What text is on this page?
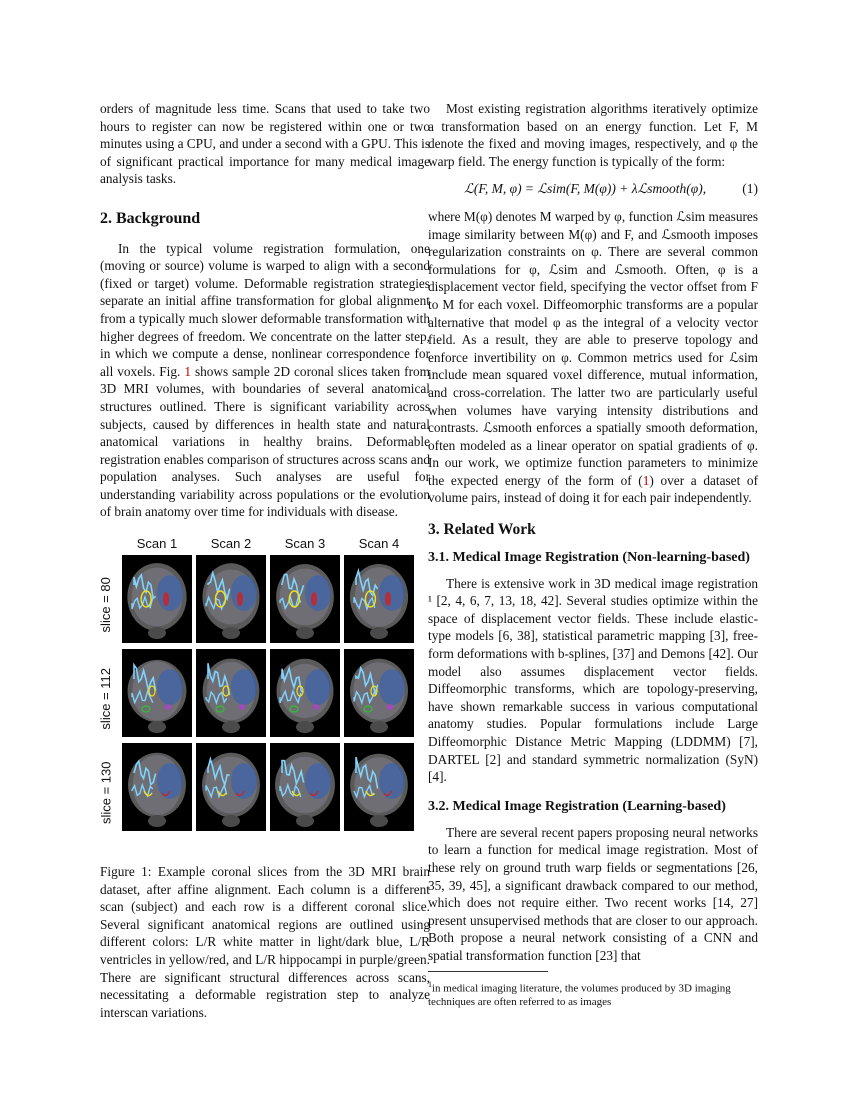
orders of magnitude less time. Scans that used to take two hours to register can now be registered within one or two minutes using a CPU, and under a second with a GPU. This is of significant practical importance for many medical image analysis tasks.

2. Background

In the typical volume registration formulation, one (moving or source) volume is warped to align with a second (fixed or target) volume. Deformable registration strategies separate an initial affine transformation for global alignment from a typically much slower deformable transformation with higher degrees of freedom. We concentrate on the latter step, in which we compute a dense, nonlinear correspondence for all voxels. Fig. 1 shows sample 2D coronal slices taken from 3D MRI volumes, with boundaries of several anatomical structures outlined. There is significant variability across subjects, caused by differences in health state and natural anatomical variations in healthy brains. Deformable registration enables comparison of structures across scans and population analyses. Such analyses are useful for understanding variability across populations or the evolution of brain anatomy over time for individuals with disease.

Scan 1	Scan 2	Scan 3	Scan 4
slice = 80
slice = 112
slice = 130

Figure 1: Example coronal slices from the 3D MRI brain dataset, after affine alignment. Each column is a different scan (subject) and each row is a different coronal slice. Several significant anatomical regions are outlined using different colors: L/R white matter in light/dark blue, L/R ventricles in yellow/red, and L/R hippocampi in purple/green. There are significant structural differences across scans, necessitating a deformable registration step to analyze interscan variations.

Most existing registration algorithms iteratively optimize a transformation based on an energy function. Let F, M denote the fixed and moving images, respectively, and φ the warp field. The energy function is typically of the form:

ℒ(F, M, φ) = ℒsim(F, M(φ)) + λℒsmooth(φ),	(1)

where M(φ) denotes M warped by φ, function ℒsim measures image similarity between M(φ) and F, and ℒsmooth imposes regularization constraints on φ. There are several common formulations for φ, ℒsim and ℒsmooth. Often, φ is a displacement vector field, specifying the vector offset from F to M for each voxel. Diffeomorphic transforms are a popular alternative that model φ as the integral of a velocity vector field. As a result, they are able to preserve topology and enforce invertibility on φ. Common metrics used for ℒsim include mean squared voxel difference, mutual information, and cross-correlation. The latter two are particularly useful when volumes have varying intensity distributions and contrasts. ℒsmooth enforces a spatially smooth deformation, often modeled as a linear operator on spatial gradients of φ. In our work, we optimize function parameters to minimize the expected energy of the form of (1) over a dataset of volume pairs, instead of doing it for each pair independently.

3. Related Work
3.1. Medical Image Registration (Non-learning-based)

There is extensive work in 3D medical image registration ¹ [2, 4, 6, 7, 13, 18, 42]. Several studies optimize within the space of displacement vector fields. These include elastic-type models [6, 38], statistical parametric mapping [3], free-form deformations with b-splines, [37] and Demons [42]. Our model also assumes displacement vector fields. Diffeomorphic transforms, which are topology-preserving, have shown remarkable success in various computational anatomy studies. Popular formulations include Large Diffeomorphic Distance Metric Mapping (LDDMM) [7], DARTEL [2] and standard symmetric normalization (SyN) [4].

3.2. Medical Image Registration (Learning-based)

There are several recent papers proposing neural networks to learn a function for medical image registration. Most of these rely on ground truth warp fields or segmentations [26, 35, 39, 45], a significant drawback compared to our method, which does not require either. Two recent works [14, 27] present unsupervised methods that are closer to our approach. Both propose a neural network consisting of a CNN and spatial transformation function [23] that

$^1$in medical imaging literature, the volumes produced by 3D imaging techniques are often referred to as images
